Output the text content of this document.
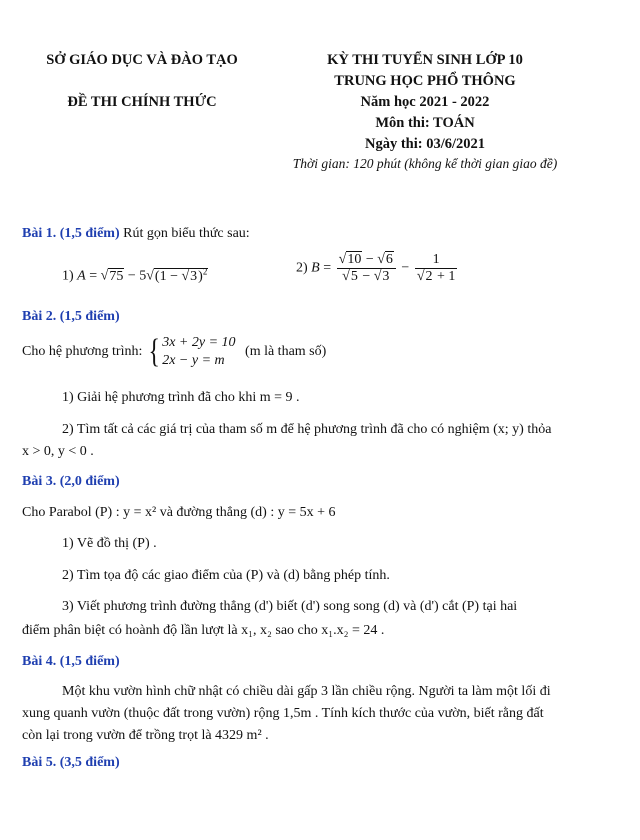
SỞ GIÁO DỤC VÀ ĐÀO TẠO
ĐỀ THI CHÍNH THỨC
KỲ THI TUYỂN SINH LỚP 10
TRUNG HỌC PHỔ THÔNG
Năm học 2021 - 2022
Môn thi: TOÁN
Ngày thi: 03/6/2021
Thời gian: 120 phút (không kể thời gian giao đề)
Bài 1. (1,5 điểm) Rút gọn biểu thức sau:
1) $A = √75 - 5√(1 - √3)^2$	2) $B = \frac{√10 - √6}{√5 - √3} - \frac{1}{√2 + 1}$
Bài 2. (1,5 điểm)
Cho hệ phương trình: { 3x + 2y = 10
2x − y = m
(m là tham số)
1) Giải hệ phương trình đã cho khi m = 9 .
2) Tìm tất cả các giá trị của tham số m để hệ phương trình đã cho có nghiệm (x; y) thỏa
x > 0, y < 0 .
Bài 3. (2,0 điểm)
Cho Parabol (P) : y = x² và đường thẳng (d) : y = 5x + 6
1) Vẽ đồ thị (P) .
2) Tìm tọa độ các giao điểm của (P) và (d) bằng phép tính.
3) Viết phương trình đường thẳng (d') biết (d') song song (d) và (d') cắt (P) tại hai
điểm phân biệt có hoành độ lần lượt là x₁, x₂ sao cho x₁.x₂ = 24 .
Bài 4. (1,5 điểm)
Một khu vườn hình chữ nhật có chiều dài gấp 3 lần chiều rộng. Người ta làm một lối đi
xung quanh vườn (thuộc đất trong vườn) rộng 1,5m . Tính kích thước của vườn, biết rằng đất
còn lại trong vườn để trồng trọt là 4329 m² .
Bài 5. (3,5 điểm)
